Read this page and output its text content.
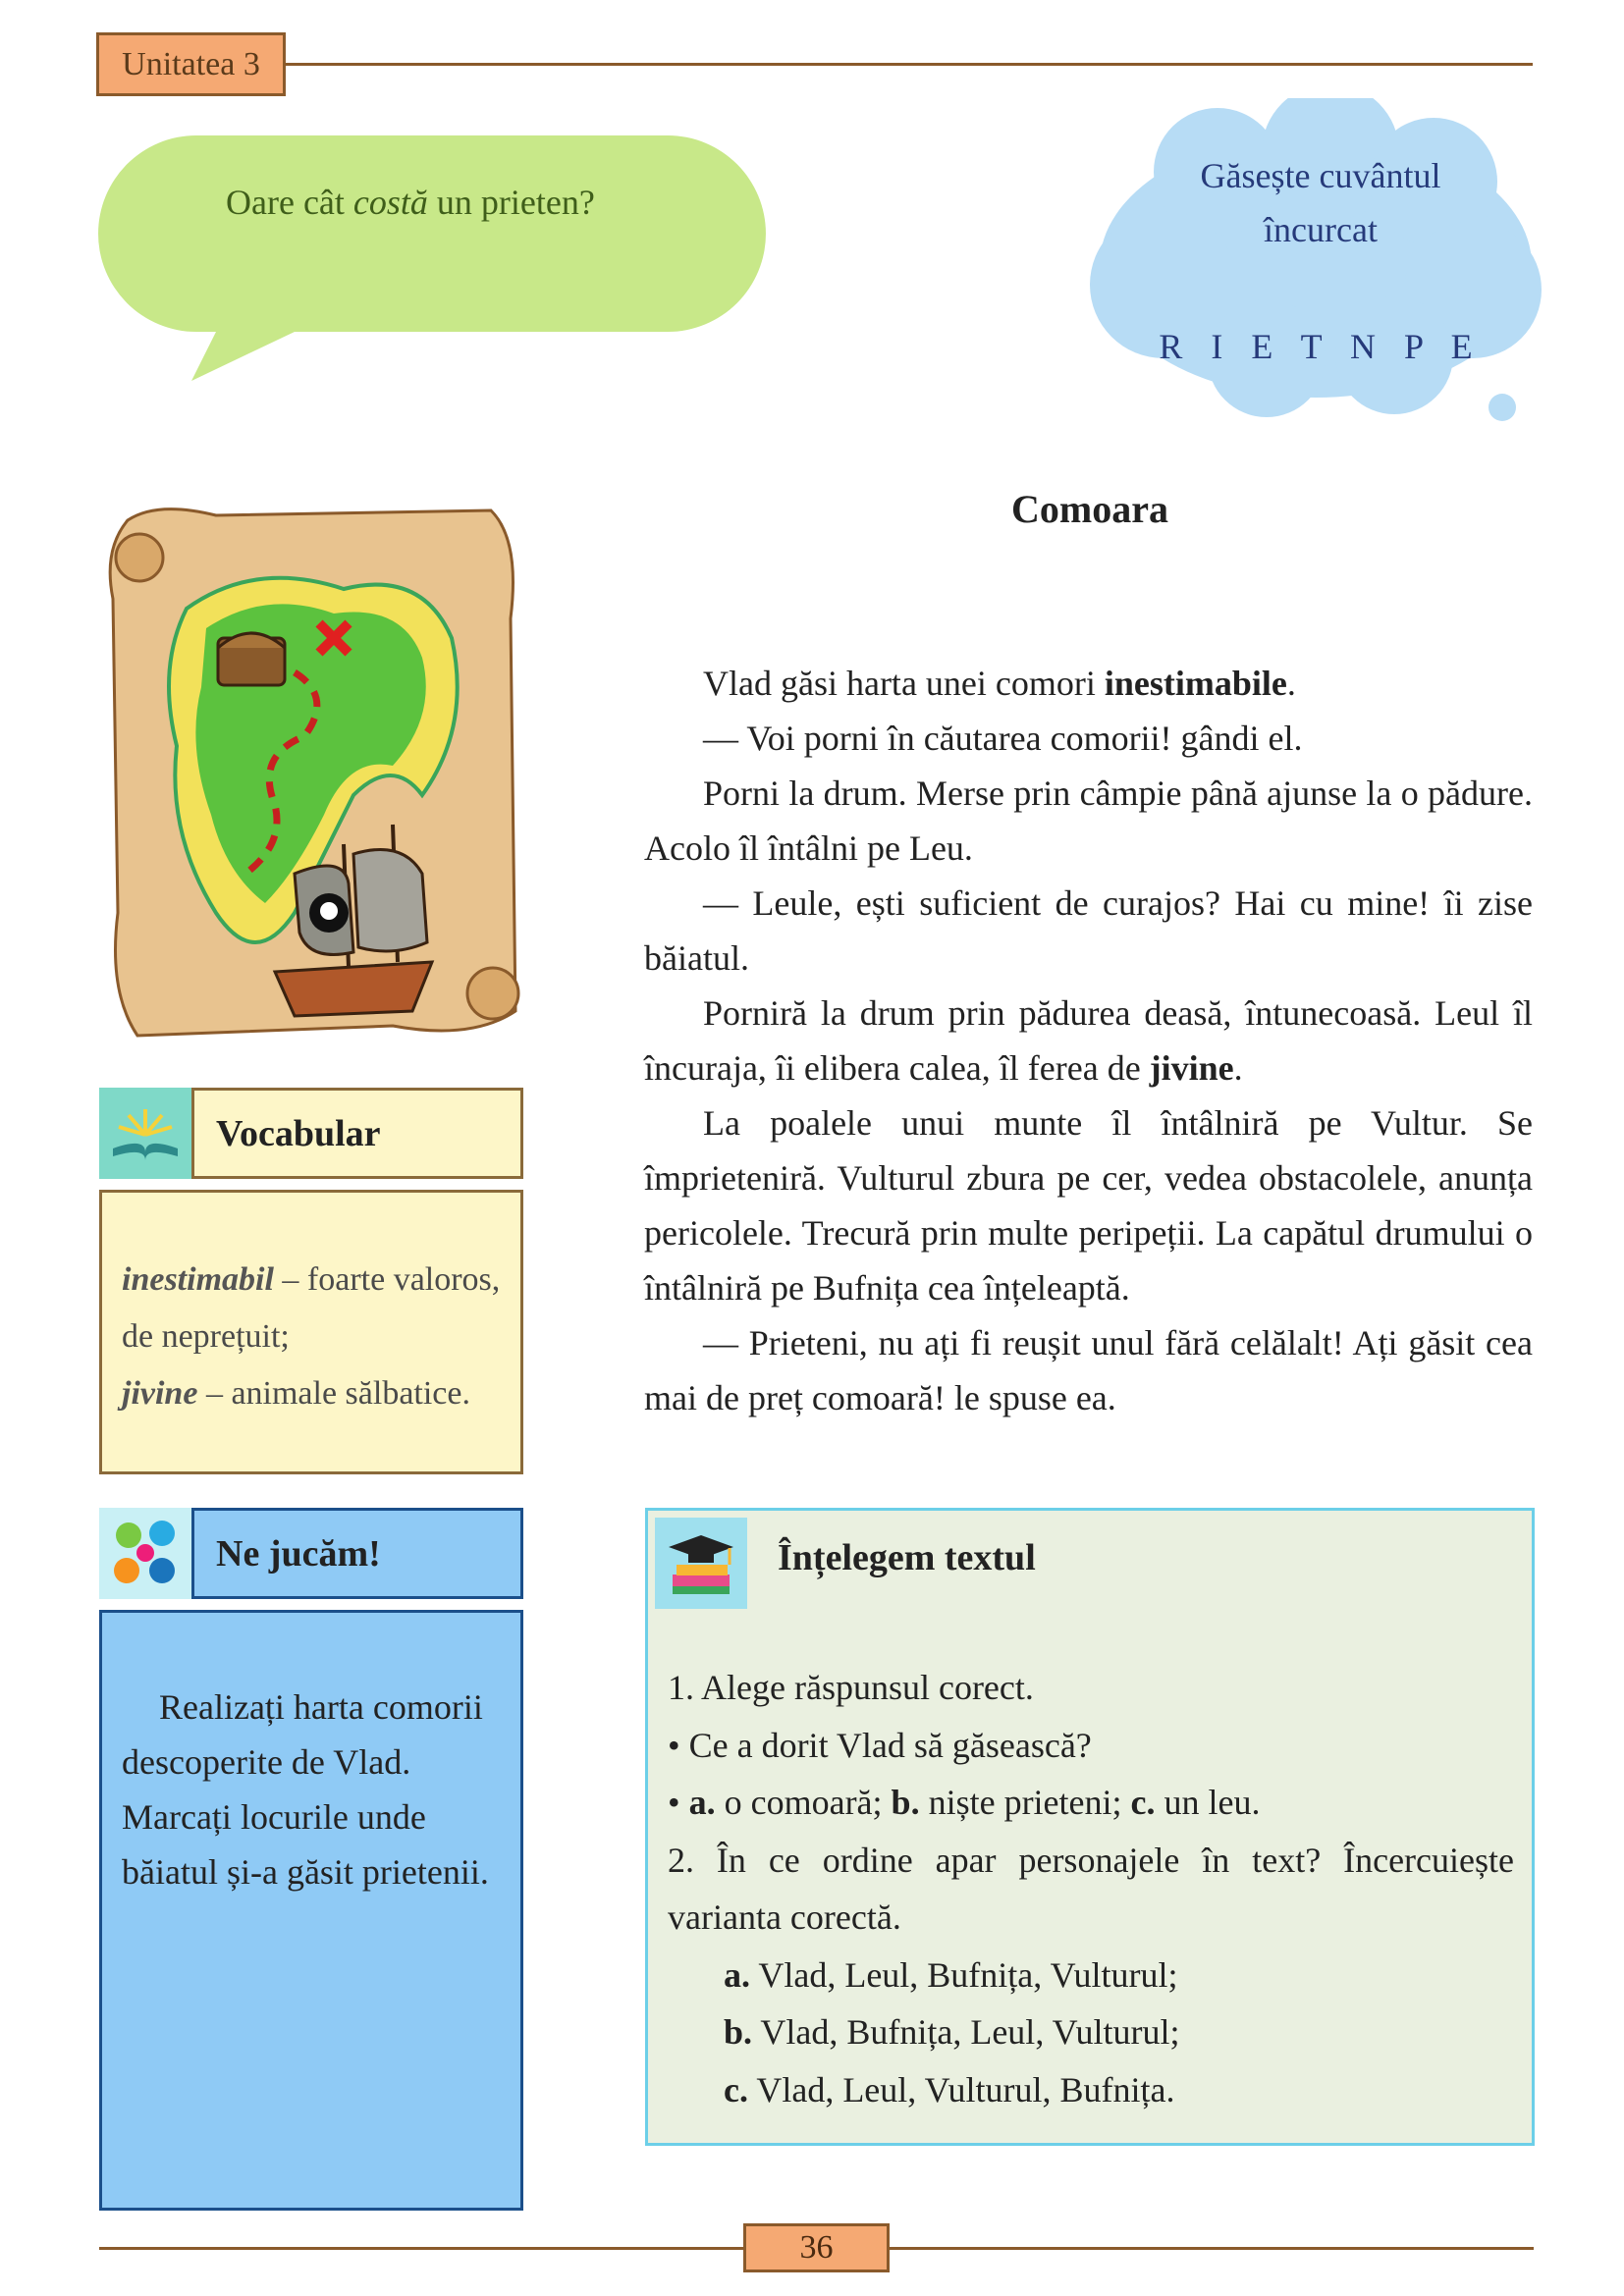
Unitatea 3
Oare cât costă un prieten?
Găsește cuvântul
încurcat
R I E T N P E
Comoara

Vlad găsi harta unei comori inestimabile.

— Voi porni în căutarea comorii! gândi el.

Porni la drum. Merse prin câmpie până ajunse la o pădure. Acolo îl întâlni pe Leu.

— Leule, ești suficient de curajos? Hai cu mine! îi zise băiatul.

Porniră la drum prin pădurea deasă, întunecoasă. Leul îl încuraja, îi elibera calea, îl ferea de jivine.

La poalele unui munte îl întâlniră pe Vultur. Se împrieteniră. Vulturul zbura pe cer, vedea obstacolele, anunța pericolele. Trecură prin multe peripeții. La capătul drumului o întâlniră pe Bufnița cea înțeleaptă.

— Prieteni, nu ați fi reușit unul fără celălalt! Ați găsit cea mai de preț comoară! le spuse ea.

Vocabular
inestimabil – foarte valoros, de neprețuit;
jivine – animale sălbatice.
Ne jucăm!

Realizați harta comorii descoperite de Vlad. Marcați locurile unde băiatul și-a găsit prietenii.

Înțelegem textul
1. Alege răspunsul corect.
• Ce a dorit Vlad să găsească?
• a. o comoară; b. niște prieteni; c. un leu.
2. În ce ordine apar personajele în text? Încercuiește
varianta corectă.
a. Vlad, Leul, Bufnița, Vulturul;
b. Vlad, Bufnița, Leul, Vulturul;
c. Vlad, Leul, Vulturul, Bufnița.
36
